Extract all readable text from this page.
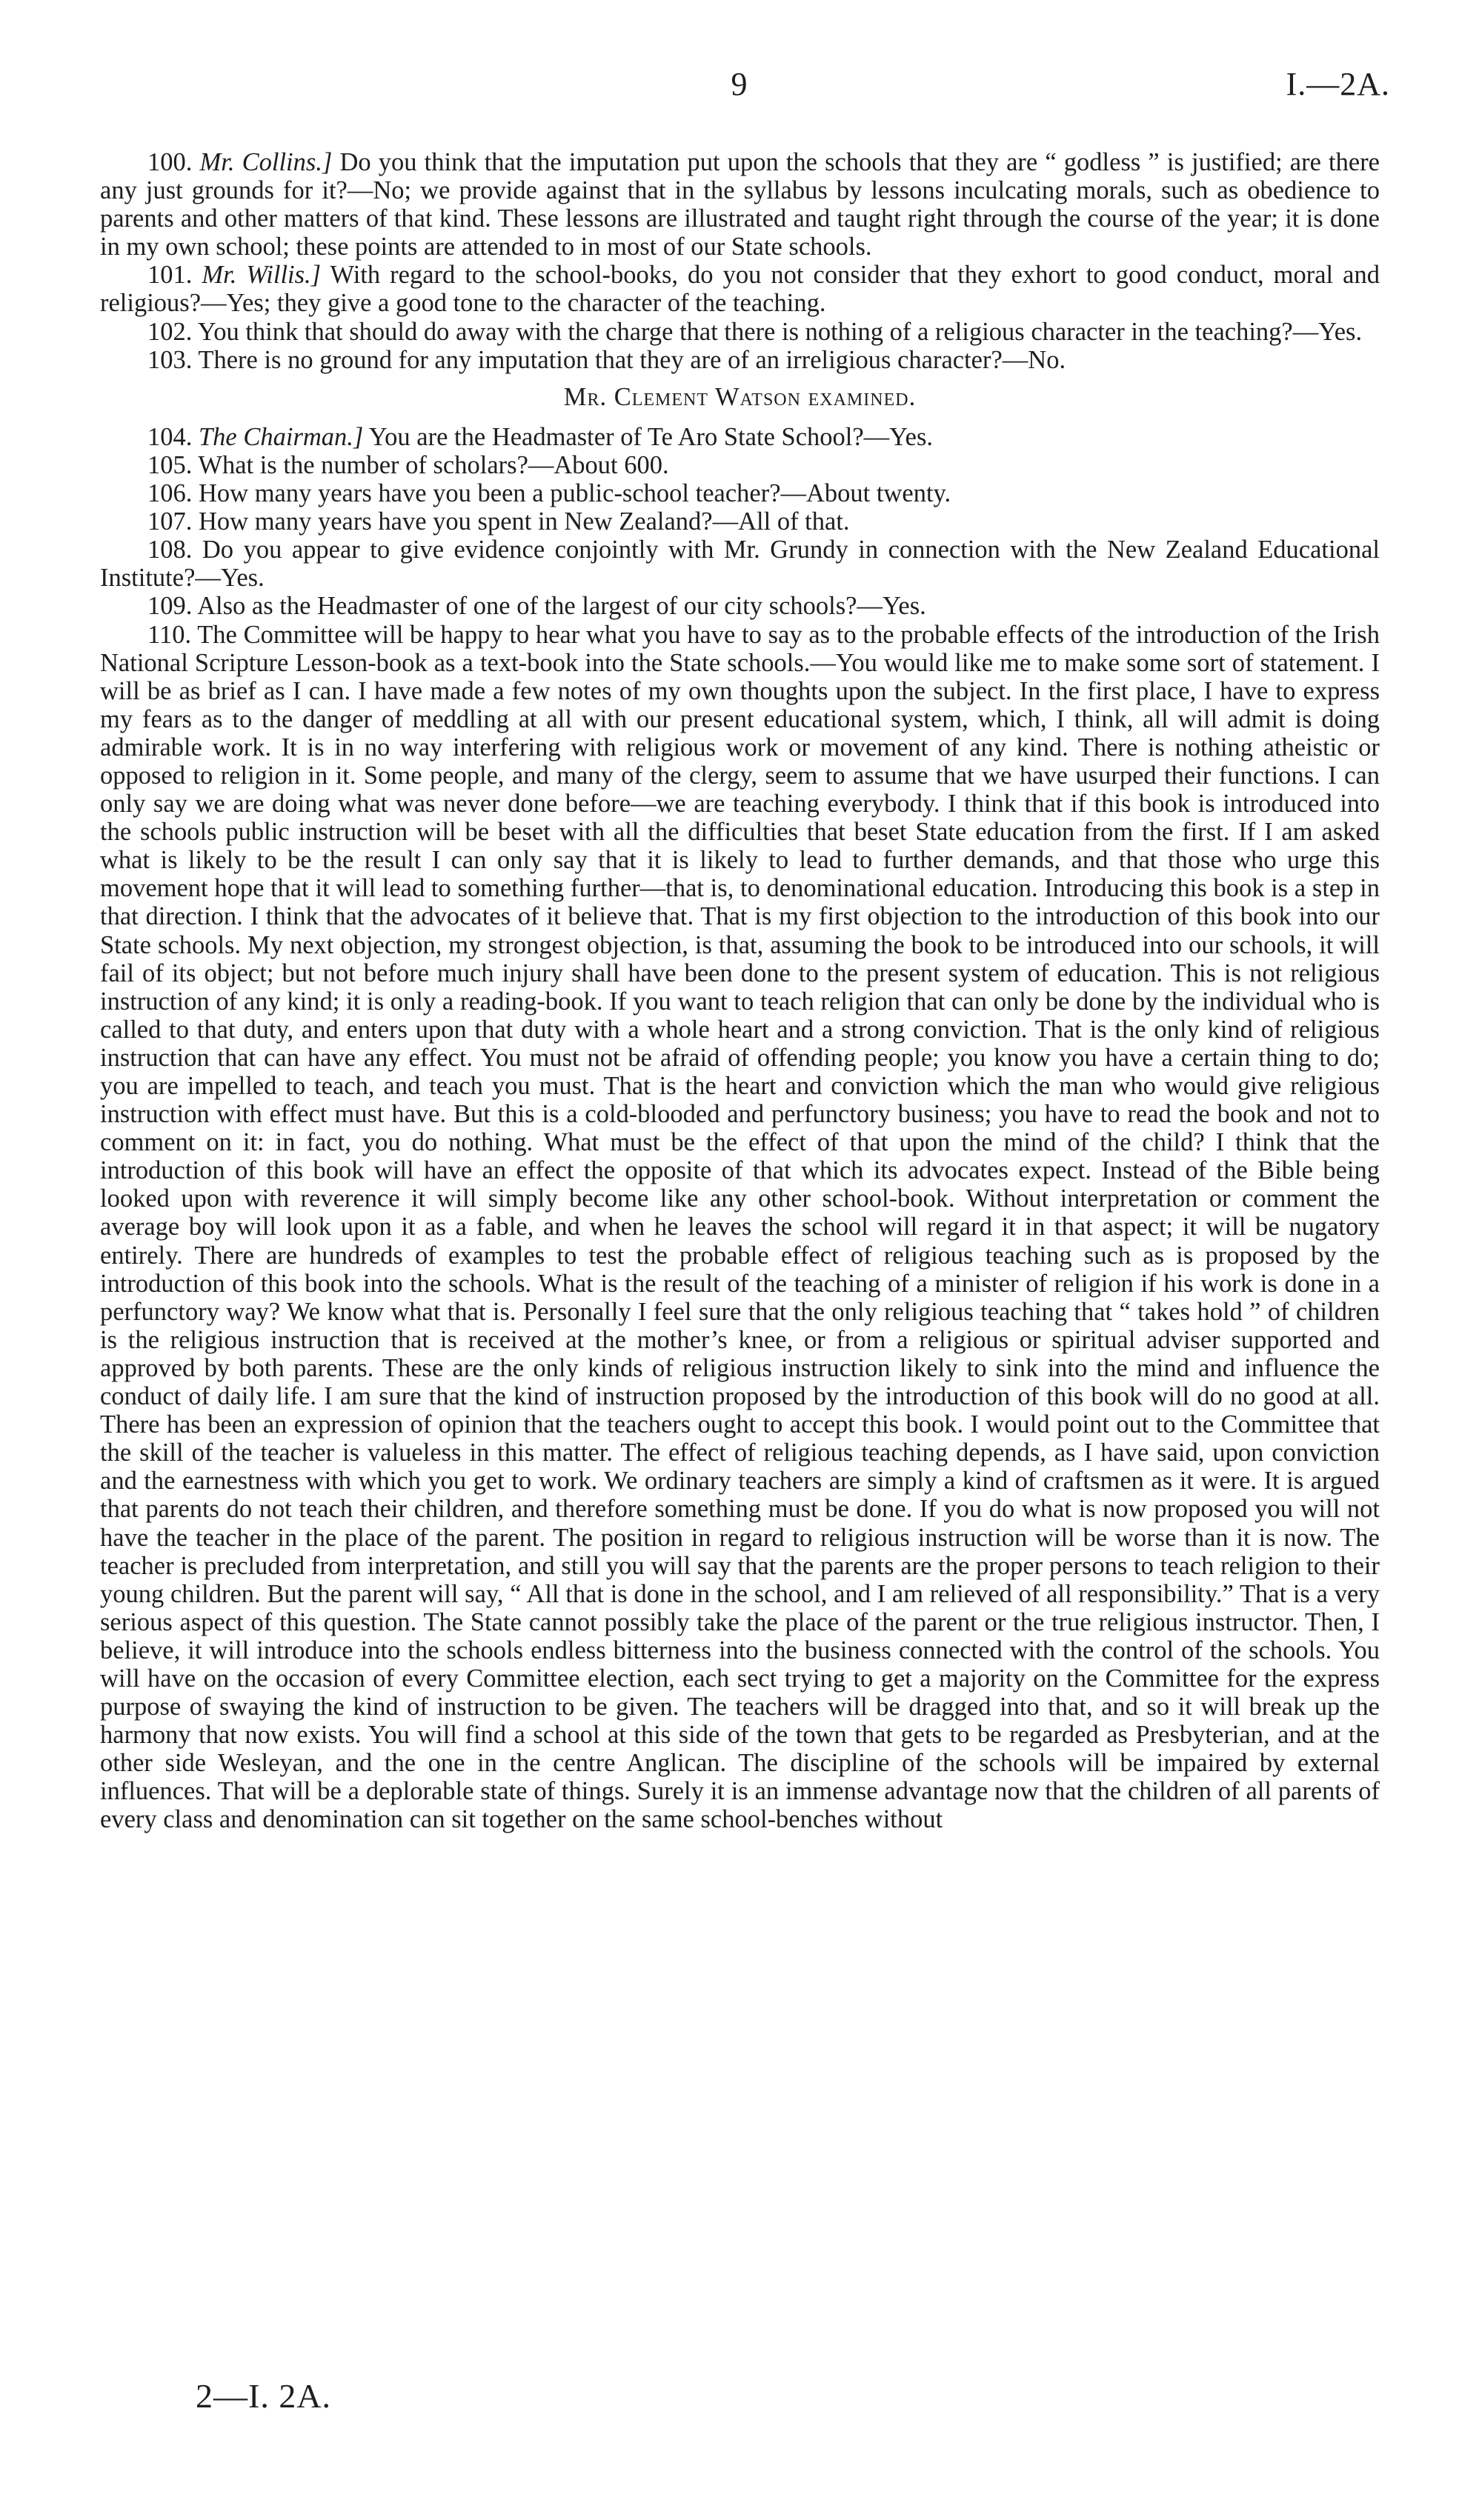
9	I.—2A.

100. Mr. Collins.] Do you think that the imputation put upon the schools that they are “ godless ” is justified; are there any just grounds for it?—No; we provide against that in the syllabus by lessons inculcating morals, such as obedience to parents and other matters of that kind. These lessons are illustrated and taught right through the course of the year; it is done in my own school; these points are attended to in most of our State schools.

101. Mr. Willis.] With regard to the school-books, do you not consider that they exhort to good conduct, moral and religious?—Yes; they give a good tone to the character of the teaching.

102. You think that should do away with the charge that there is nothing of a religious character in the teaching?—Yes.

103. There is no ground for any imputation that they are of an irreligious character?—No.

Mr. Clement Watson examined.

104. The Chairman.] You are the Headmaster of Te Aro State School?—Yes.

105. What is the number of scholars?—About 600.

106. How many years have you been a public-school teacher?—About twenty.

107. How many years have you spent in New Zealand?—All of that.

108. Do you appear to give evidence conjointly with Mr. Grundy in connection with the New Zealand Educational Institute?—Yes.

109. Also as the Headmaster of one of the largest of our city schools?—Yes.

110. The Committee will be happy to hear what you have to say as to the probable effects of the introduction of the Irish National Scripture Lesson-book as a text-book into the State schools.—You would like me to make some sort of statement. I will be as brief as I can. I have made a few notes of my own thoughts upon the subject. In the first place, I have to express my fears as to the danger of meddling at all with our present educational system, which, I think, all will admit is doing admirable work. It is in no way interfering with religious work or movement of any kind. There is nothing atheistic or opposed to religion in it. Some people, and many of the clergy, seem to assume that we have usurped their functions. I can only say we are doing what was never done before—we are teaching everybody. I think that if this book is introduced into the schools public instruction will be beset with all the difficulties that beset State education from the first. If I am asked what is likely to be the result I can only say that it is likely to lead to further demands, and that those who urge this movement hope that it will lead to something further—that is, to denominational education. Introducing this book is a step in that direction. I think that the advocates of it believe that. That is my first objection to the introduction of this book into our State schools. My next objection, my strongest objection, is that, assuming the book to be introduced into our schools, it will fail of its object; but not before much injury shall have been done to the present system of education. This is not religious instruction of any kind; it is only a reading-book. If you want to teach religion that can only be done by the individual who is called to that duty, and enters upon that duty with a whole heart and a strong conviction. That is the only kind of religious instruction that can have any effect. You must not be afraid of offending people; you know you have a certain thing to do; you are impelled to teach, and teach you must. That is the heart and conviction which the man who would give religious instruction with effect must have. But this is a cold-blooded and perfunctory business; you have to read the book and not to comment on it: in fact, you do nothing. What must be the effect of that upon the mind of the child? I think that the introduction of this book will have an effect the opposite of that which its advocates expect. Instead of the Bible being looked upon with reverence it will simply become like any other school-book. Without interpretation or comment the average boy will look upon it as a fable, and when he leaves the school will regard it in that aspect; it will be nugatory entirely. There are hundreds of examples to test the probable effect of religious teaching such as is proposed by the introduction of this book into the schools. What is the result of the teaching of a minister of religion if his work is done in a perfunctory way? We know what that is. Personally I feel sure that the only religious teaching that “ takes hold ” of children is the religious instruction that is received at the mother’s knee, or from a religious or spiritual adviser supported and approved by both parents. These are the only kinds of religious instruction likely to sink into the mind and influence the conduct of daily life. I am sure that the kind of instruction proposed by the introduction of this book will do no good at all. There has been an expression of opinion that the teachers ought to accept this book. I would point out to the Committee that the skill of the teacher is valueless in this matter. The effect of religious teaching depends, as I have said, upon conviction and the earnestness with which you get to work. We ordinary teachers are simply a kind of craftsmen as it were. It is argued that parents do not teach their children, and therefore something must be done. If you do what is now proposed you will not have the teacher in the place of the parent. The position in regard to religious instruction will be worse than it is now. The teacher is precluded from interpretation, and still you will say that the parents are the proper persons to teach religion to their young children. But the parent will say, “ All that is done in the school, and I am relieved of all responsibility.” That is a very serious aspect of this question. The State cannot possibly take the place of the parent or the true religious instructor. Then, I believe, it will introduce into the schools endless bitterness into the business connected with the control of the schools. You will have on the occasion of every Committee election, each sect trying to get a majority on the Committee for the express purpose of swaying the kind of instruction to be given. The teachers will be dragged into that, and so it will break up the harmony that now exists. You will find a school at this side of the town that gets to be regarded as Presbyterian, and at the other side Wesleyan, and the one in the centre Anglican. The discipline of the schools will be impaired by external influences. That will be a deplorable state of things. Surely it is an immense advantage now that the children of all parents of every class and denomination can sit together on the same school-benches without

2—I. 2A.
